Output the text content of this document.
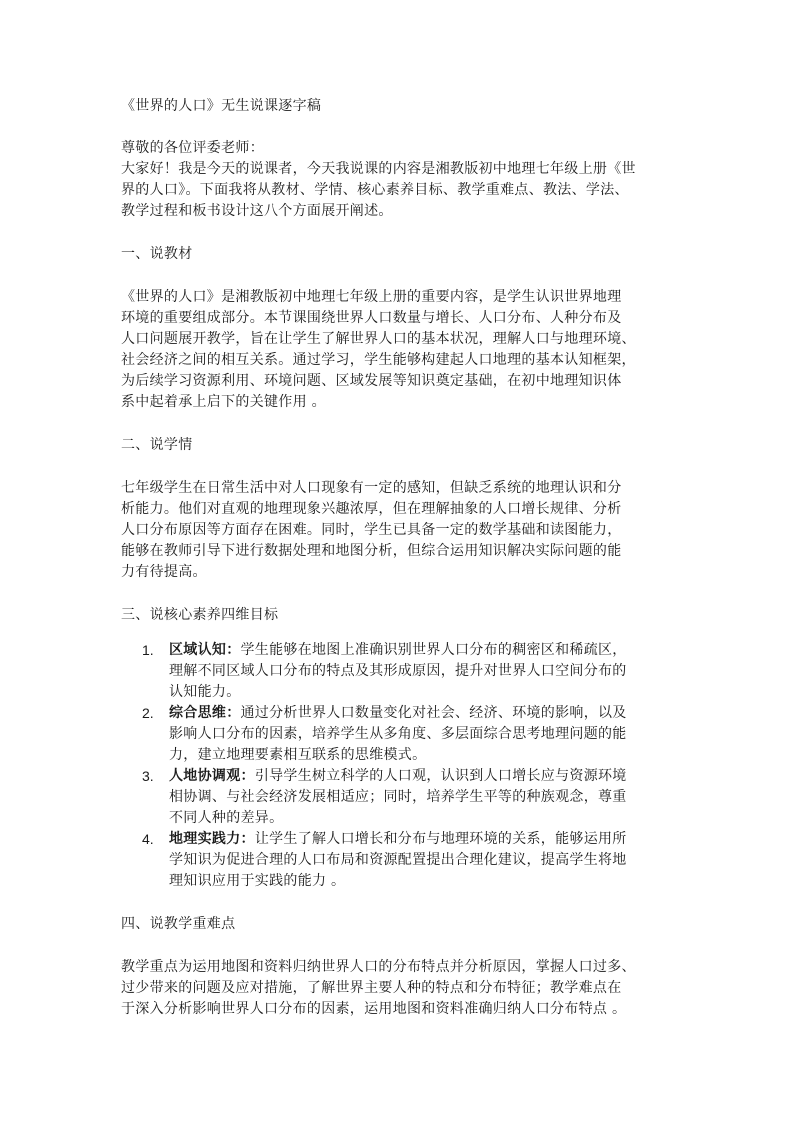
《世界的人口》无生说课逐字稿
尊敬的各位评委老师：
大家好！我是今天的说课者，今天我说课的内容是湘教版初中地理七年级上册《世
界的人口》。下面我将从教材、学情、核心素养目标、教学重难点、教法、学法、
教学过程和板书设计这八个方面展开阐述。
一、说教材
《世界的人口》是湘教版初中地理七年级上册的重要内容，是学生认识世界地理
环境的重要组成部分。本节课围绕世界人口数量与增长、人口分布、人种分布及
人口问题展开教学，旨在让学生了解世界人口的基本状况，理解人口与地理环境、
社会经济之间的相互关系。通过学习，学生能够构建起人口地理的基本认知框架，
为后续学习资源利用、环境问题、区域发展等知识奠定基础，在初中地理知识体
系中起着承上启下的关键作用 。
二、说学情
七年级学生在日常生活中对人口现象有一定的感知，但缺乏系统的地理认识和分
析能力。他们对直观的地理现象兴趣浓厚，但在理解抽象的人口增长规律、分析
人口分布原因等方面存在困难。同时，学生已具备一定的数学基础和读图能力，
能够在教师引导下进行数据处理和地图分析，但综合运用知识解决实际问题的能
力有待提高。
三、说核心素养四维目标
1. 区域认知：学生能够在地图上准确识别世界人口分布的稠密区和稀疏区，
理解不同区域人口分布的特点及其形成原因，提升对世界人口空间分布的
认知能力。
2. 综合思维：通过分析世界人口数量变化对社会、经济、环境的影响，以及
影响人口分布的因素，培养学生从多角度、多层面综合思考地理问题的能
力，建立地理要素相互联系的思维模式。
3. 人地协调观：引导学生树立科学的人口观，认识到人口增长应与资源环境
相协调、与社会经济发展相适应；同时，培养学生平等的种族观念，尊重
不同人种的差异。
4. 地理实践力：让学生了解人口增长和分布与地理环境的关系，能够运用所
学知识为促进合理的人口布局和资源配置提出合理化建议，提高学生将地
理知识应用于实践的能力 。
四、说教学重难点
教学重点为运用地图和资料归纳世界人口的分布特点并分析原因，掌握人口过多、
过少带来的问题及应对措施，了解世界主要人种的特点和分布特征；教学难点在
于深入分析影响世界人口分布的因素，运用地图和资料准确归纳人口分布特点 。
